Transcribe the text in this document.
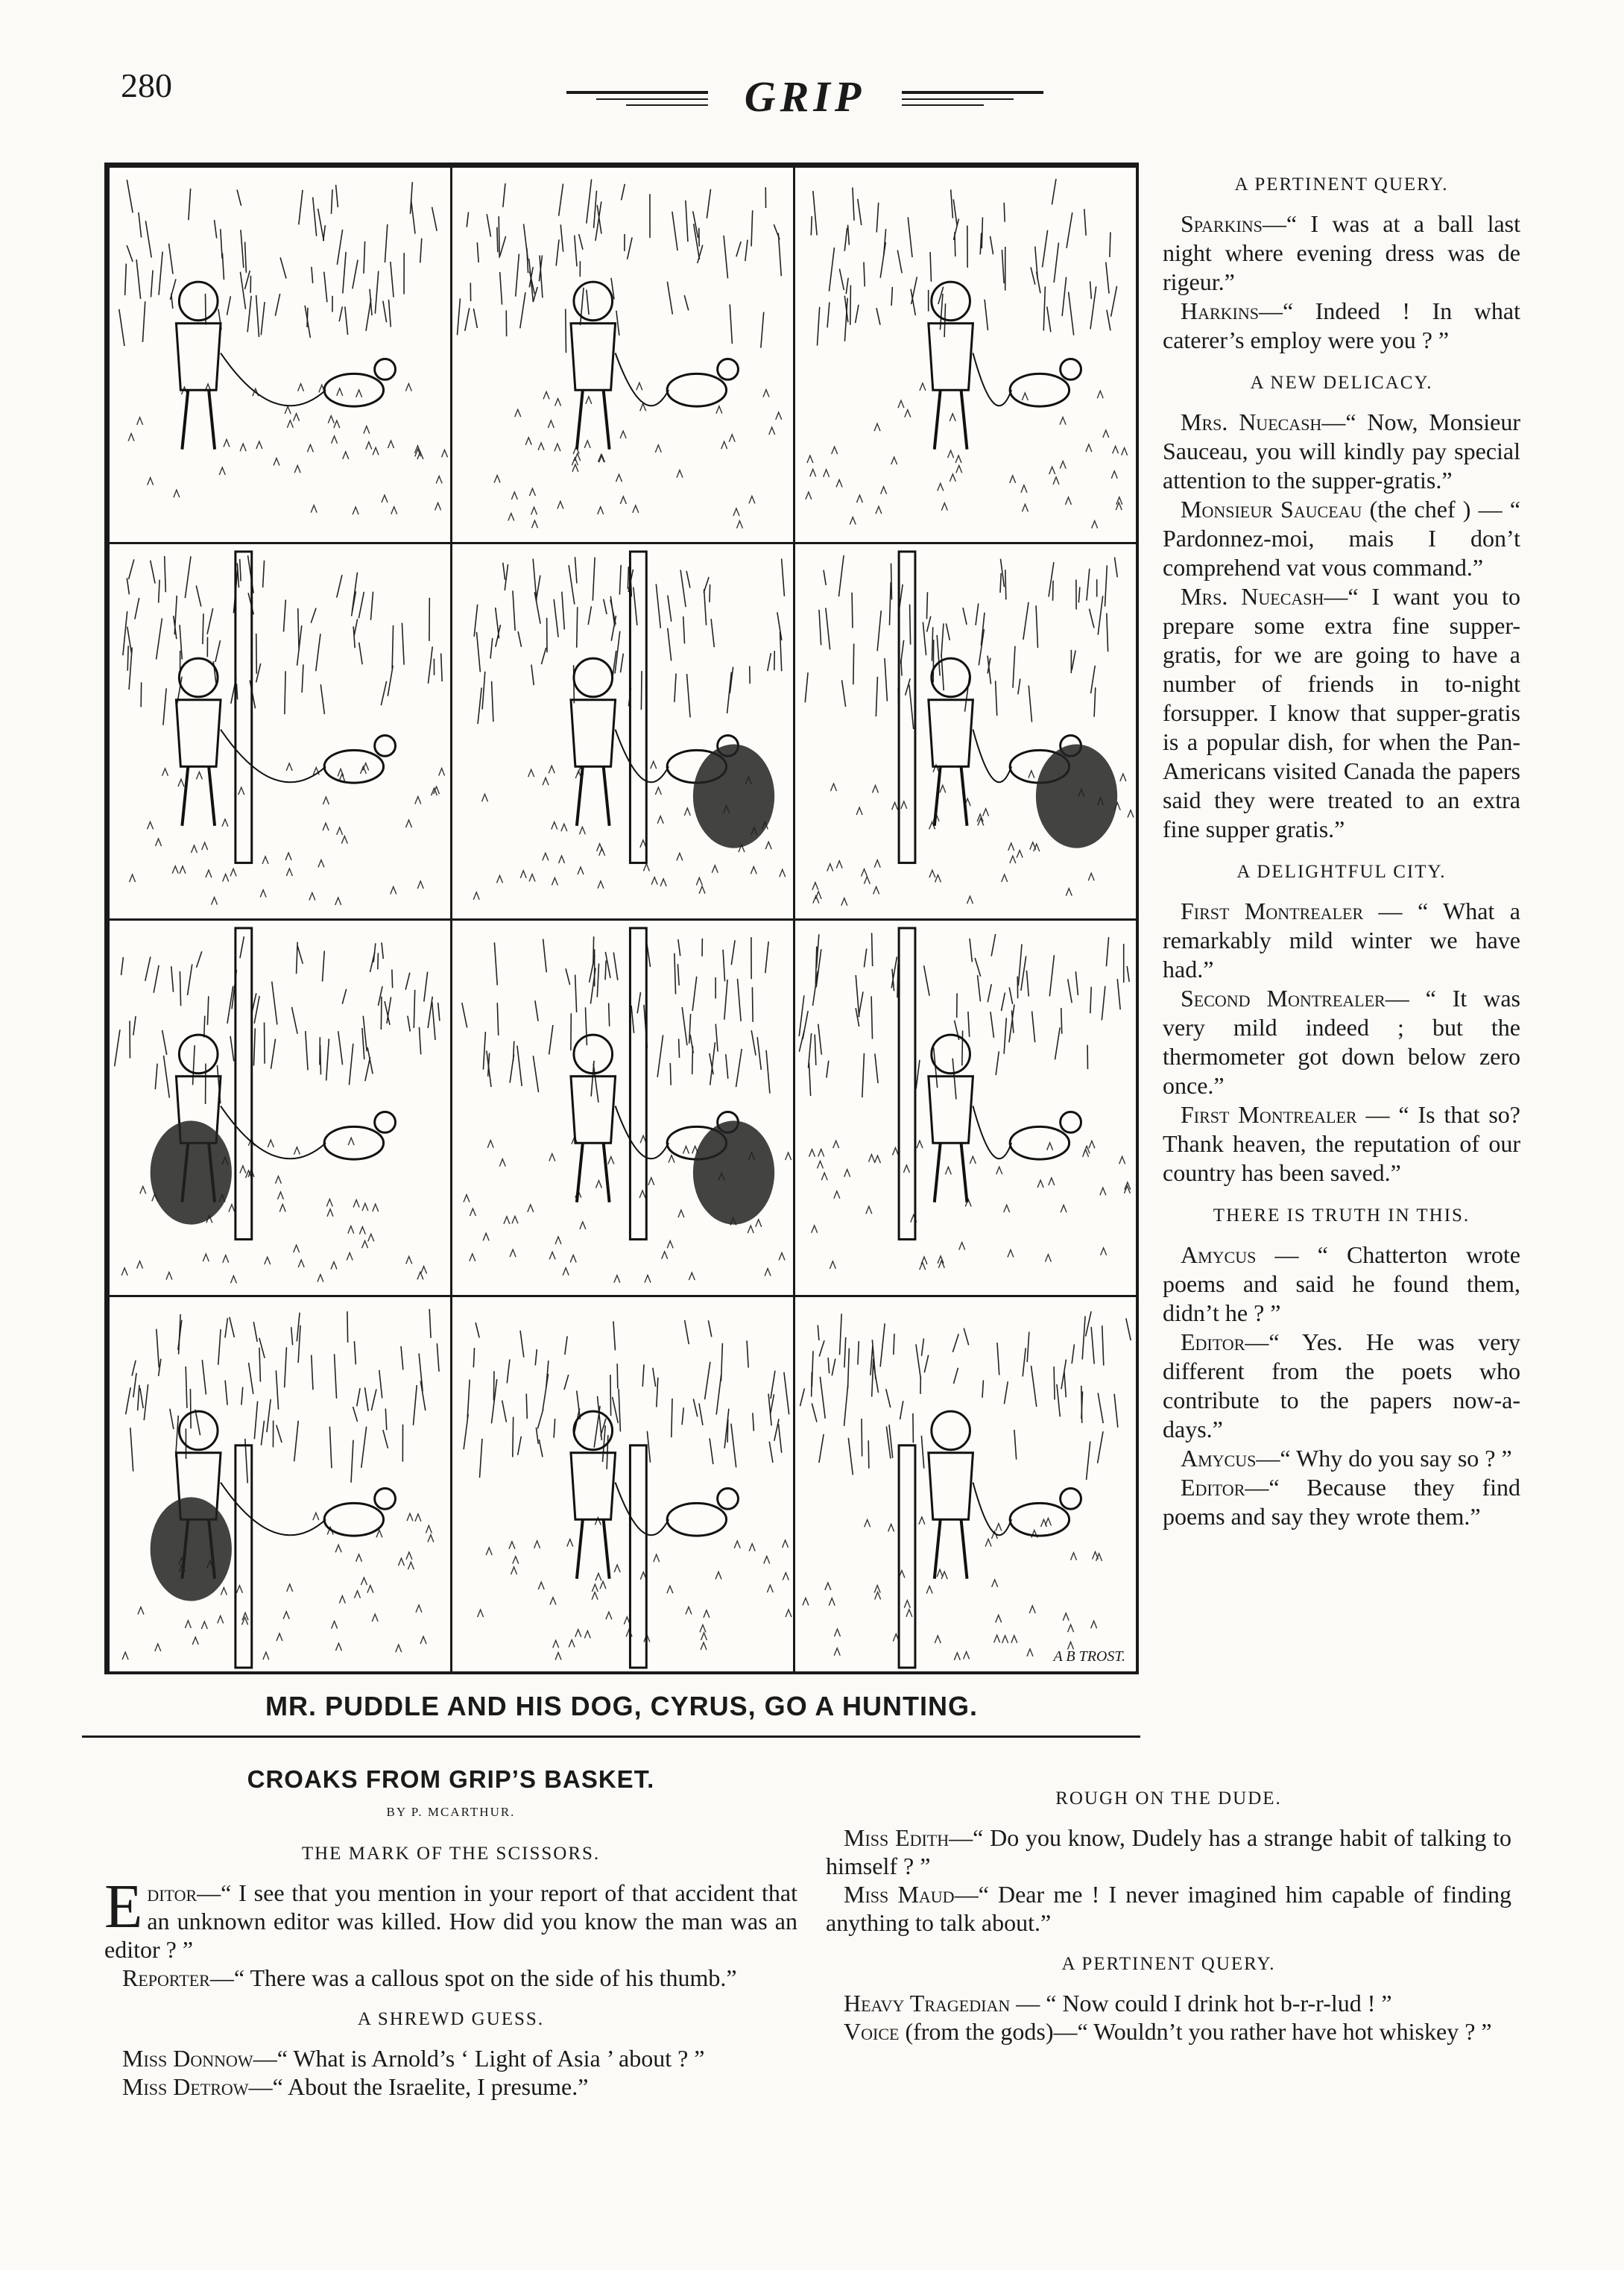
280	GRIP
A B TROST.
MR. PUDDLE AND HIS DOG, CYRUS, GO A HUNTING.
A PERTINENT QUERY.

Sparkins—“ I was at a ball last night where evening dress was de rigeur.”

Harkins—“ Indeed ! In what caterer’s employ were you ? ”

A NEW DELICACY.

Mrs. Nuecash—“ Now, Monsieur Sauceau, you will kindly pay special attention to the supper-gratis.”

Monsieur Sauceau (the chef ) — “ Pardonnez-moi, mais I don’t comprehend vat vous command.”

Mrs. Nuecash—“ I want you to prepare some extra fine supper-gratis, for we are going to have a number of friends in to-night forsupper. I know that supper-gratis is a popular dish, for when the Pan-Americans visited Canada the papers said they were treated to an extra fine supper gratis.”

A DELIGHTFUL CITY.

First Montrealer — “ What a remarkably mild winter we have had.”

Second Montrealer— “ It was very mild indeed ; but the thermometer got down below zero once.”

First Montrealer — “ Is that so? Thank heaven, the reputation of our country has been saved.”

THERE IS TRUTH IN THIS.

Amycus — “ Chatterton wrote poems and said he found them, didn’t he ? ”

Editor—“ Yes. He was very different from the poets who contribute to the papers now-a-days.”

Amycus—“ Why do you say so ? ”

Editor—“ Because they find poems and say they wrote them.”

CROAKS FROM GRIP’S BASKET.
BY P. MCARTHUR.
THE MARK OF THE SCISSORS.

Editor—“ I see that you mention in your report of that accident that an unknown editor was killed. How did you know the man was an editor ? ”

Reporter—“ There was a callous spot on the side of his thumb.”

A SHREWD GUESS.

Miss Donnow—“ What is Arnold’s ‘ Light of Asia ’ about ? ”

Miss Detrow—“ About the Israelite, I presume.”

ROUGH ON THE DUDE.

Miss Edith—“ Do you know, Dudely has a strange habit of talking to himself ? ”

Miss Maud—“ Dear me ! I never imagined him capable of finding anything to talk about.”

A PERTINENT QUERY.

Heavy Tragedian — “ Now could I drink hot b-r-r-lud ! ”

Voice (from the gods)—“ Wouldn’t you rather have hot whiskey ? ”
